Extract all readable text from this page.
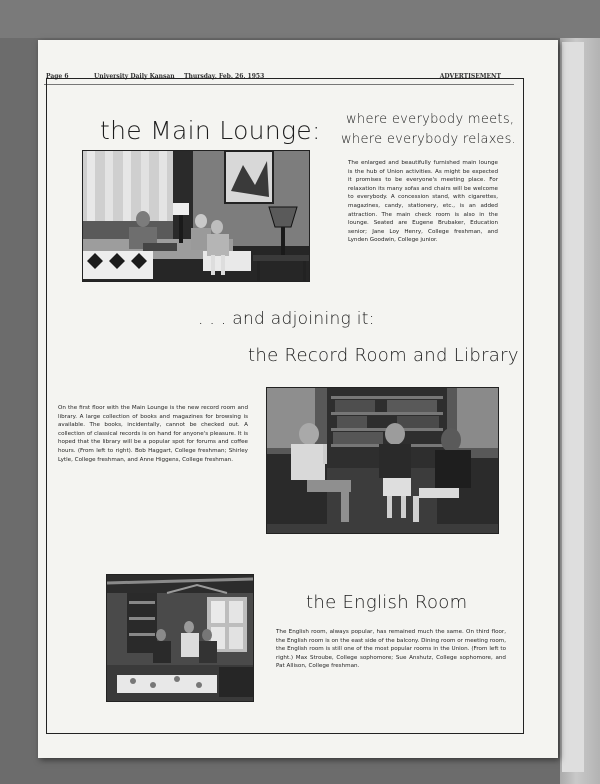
Page 6	University Daily Kansan Thursday, Feb. 26, 1953	ADVERTISEMENT
the Main Lounge: where everybody meets,
where everybody relaxes.
The enlarged and beautifully furnished main lounge is the hub of Union activities. As might be expected it promises to be everyone's meeting place. For relaxation its many sofas and chairs will be welcome to everybody. A concession stand, with cigarettes, magazines, candy, stationery, etc., is an added attraction. The main check room is also in the lounge. Seated are Eugene Brubaker, Education senior; Jane Loy Henry, College freshman, and Lynden Goodwin, College junior.
. . . and adjoining it:
the Record Room and Library
On the first floor with the Main Lounge is the new record room and library. A large collection of books and magazines for browsing is available. The books, incidentally, cannot be checked out. A collection of classical records is on hand for anyone's pleasure. It is hoped that the library will be a popular spot for forums and coffee hours. (From left to right). Bob Haggart, College freshman; Shirley Lytle, College freshman, and Anne Higgens, College freshman.
the English Room
The English room, always popular, has remained much the same. On third floor, the English room is on the east side of the balcony. Dining room or meeting room, the English room is still one of the most popular rooms in the Union. (From left to right.) Max Stroube, College sophomore; Sue Anshutz, College sophomore, and Pat Allison, College freshman.
